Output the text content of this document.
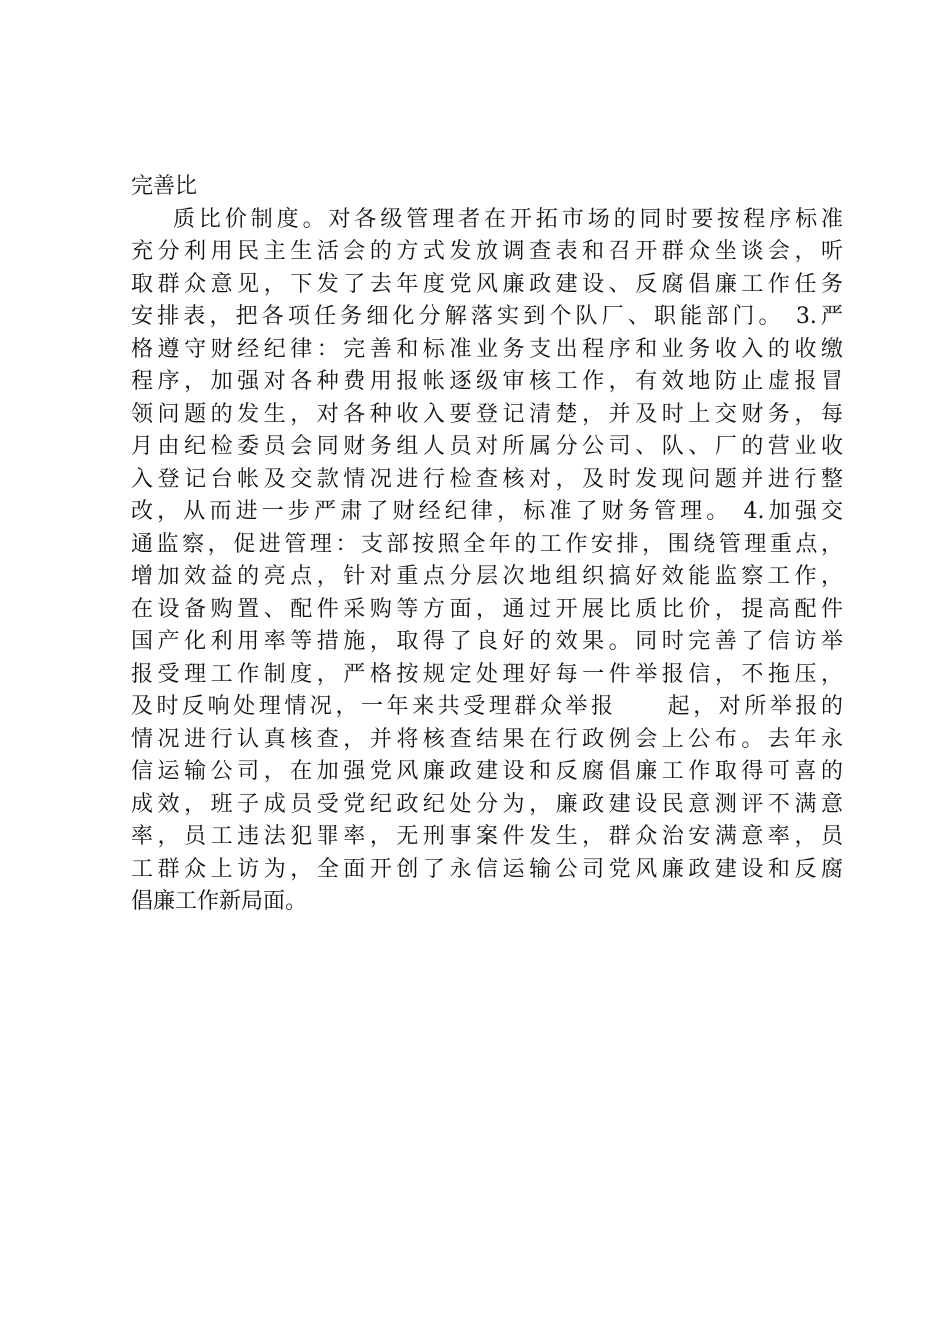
完善比
质比价制度。对各级管理者在开拓市场的同时要按程序标准
充分利用民主生活会的方式发放调查表和召开群众坐谈会，听
取群众意见，下发了去年度党风廉政建设、反腐倡廉工作任务
安排表，把各项任务细化分解落实到个队厂、职能部门。 3.严
格遵守财经纪律：完善和标准业务支出程序和业务收入的收缴
程序，加强对各种费用报帐逐级审核工作，有效地防止虚报冒
领问题的发生，对各种收入要登记清楚，并及时上交财务，每
月由纪检委员会同财务组人员对所属分公司、队、厂的营业收
入登记台帐及交款情况进行检查核对，及时发现问题并进行整
改，从而进一步严肃了财经纪律，标准了财务管理。 4.加强交
通监察，促进管理：支部按照全年的工作安排，围绕管理重点，
增加效益的亮点，针对重点分层次地组织搞好效能监察工作，
在设备购置、配件采购等方面，通过开展比质比价，提高配件
国产化利用率等措施，取得了良好的效果。同时完善了信访举
报受理工作制度，严格按规定处理好每一件举报信，不拖压，
及时反响处理情况，一年来共受理群众举报　　起，对所举报的
情况进行认真核查，并将核查结果在行政例会上公布。去年永
信运输公司，在加强党风廉政建设和反腐倡廉工作取得可喜的
成效，班子成员受党纪政纪处分为，廉政建设民意测评不满意
率，员工违法犯罪率，无刑事案件发生，群众治安满意率，员
工群众上访为，全面开创了永信运输公司党风廉政建设和反腐
倡廉工作新局面。
